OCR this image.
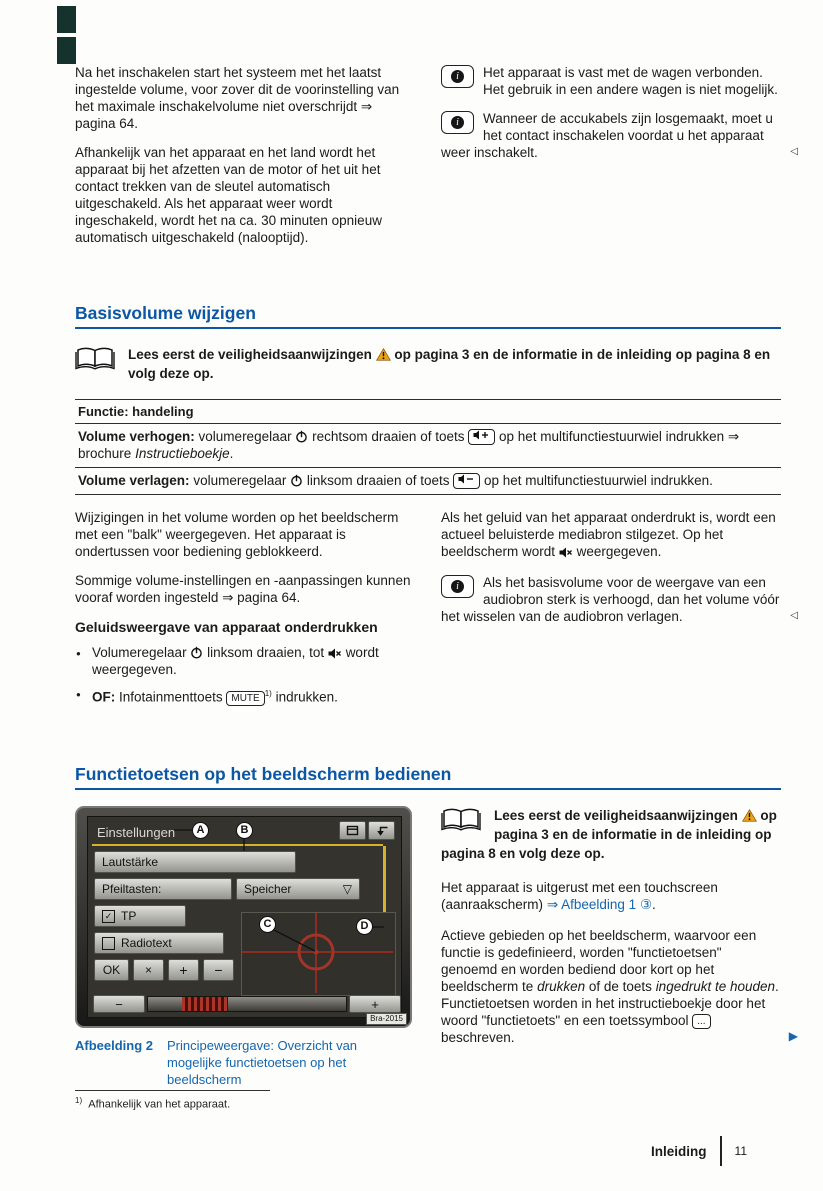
Na het inschakelen start het systeem met het laatst ingestelde volume, voor zover dit de voorinstelling van het maximale inschakelvolume niet overschrijdt ⇒ pagina 64.

Afhankelijk van het apparaat en het land wordt het apparaat bij het afzetten van de motor of het uit het contact trekken van de sleutel automatisch uitgeschakeld. Als het apparaat weer wordt ingeschakeld, wordt het na ca. 30 minuten opnieuw automatisch uitgeschakeld (nalooptijd).

i	Het apparaat is vast met de wagen verbonden. Het gebruik in een andere wagen is niet mogelijk.
i	Wanneer de accukabels zijn losgemaakt, moet u het contact inschakelen voordat u het apparaat weer inschakelt.	◁
Basisvolume wijzigen
Lees eerst de veiligheidsaanwijzingen op pagina 3 en de informatie in de inleiding op pagina 8 en volg deze op.
Functie: handeling
Volume verhogen: volumeregelaar rechtsom draaien of toets	op het multifunctiestuurwiel indrukken ⇒ brochure Instructieboekje.
Volume verlagen: volumeregelaar linksom draaien of toets	op het multifunctiestuurwiel indrukken.

Wijzigingen in het volume worden op het beeldscherm met een "balk" weergegeven. Het apparaat is ondertussen voor bediening geblokkeerd.

Sommige volume-instellingen en -aanpassingen kunnen vooraf worden ingesteld ⇒ pagina 64.

Geluidsweergave van apparaat onderdrukken
● Volumeregelaar linksom draaien, tot wordt weergegeven.
● OF: Infotainmenttoets MUTE $^{1)}$ indrukken.

Als het geluid van het apparaat onderdrukt is, wordt een actueel beluisterde mediabron stilgezet. Op het beeldscherm wordt weergegeven.

i	Als het basisvolume voor de weergave van een audiobron sterk is verhoogd, dan het volume vóór het wisselen van de audiobron verlagen.	◁
Functietoetsen op het beeldscherm bedienen
Einstellungen
Lautstärke
Pfeiltasten:	Speicher	▽
✓ TP
Radiotext
OK	×	+	−
−	+
A	B
C	D
Bra-2015
Afbeelding 2	Principeweergave: Overzicht van mogelijke functietoetsen op het beeldscherm
Lees eerst de veiligheidsaanwijzingen op pagina 3 en de informatie in de inleiding op pagina 8 en volg deze op.

Het apparaat is uitgerust met een touchscreen (aanraakscherm) ⇒ Afbeelding 1 ③.

Actieve gebieden op het beeldscherm, waarvoor een functie is gedefinieerd, worden "functietoetsen" genoemd en worden bediend door kort op het beeldscherm te drukken of de toets ingedrukt te houden. Functietoetsen worden in het instructieboekje door het woord "functietoets" en een toetssymbool ... beschreven.	▶

$^{1)}$ Afhankelijk van het apparaat.
Inleiding 11
